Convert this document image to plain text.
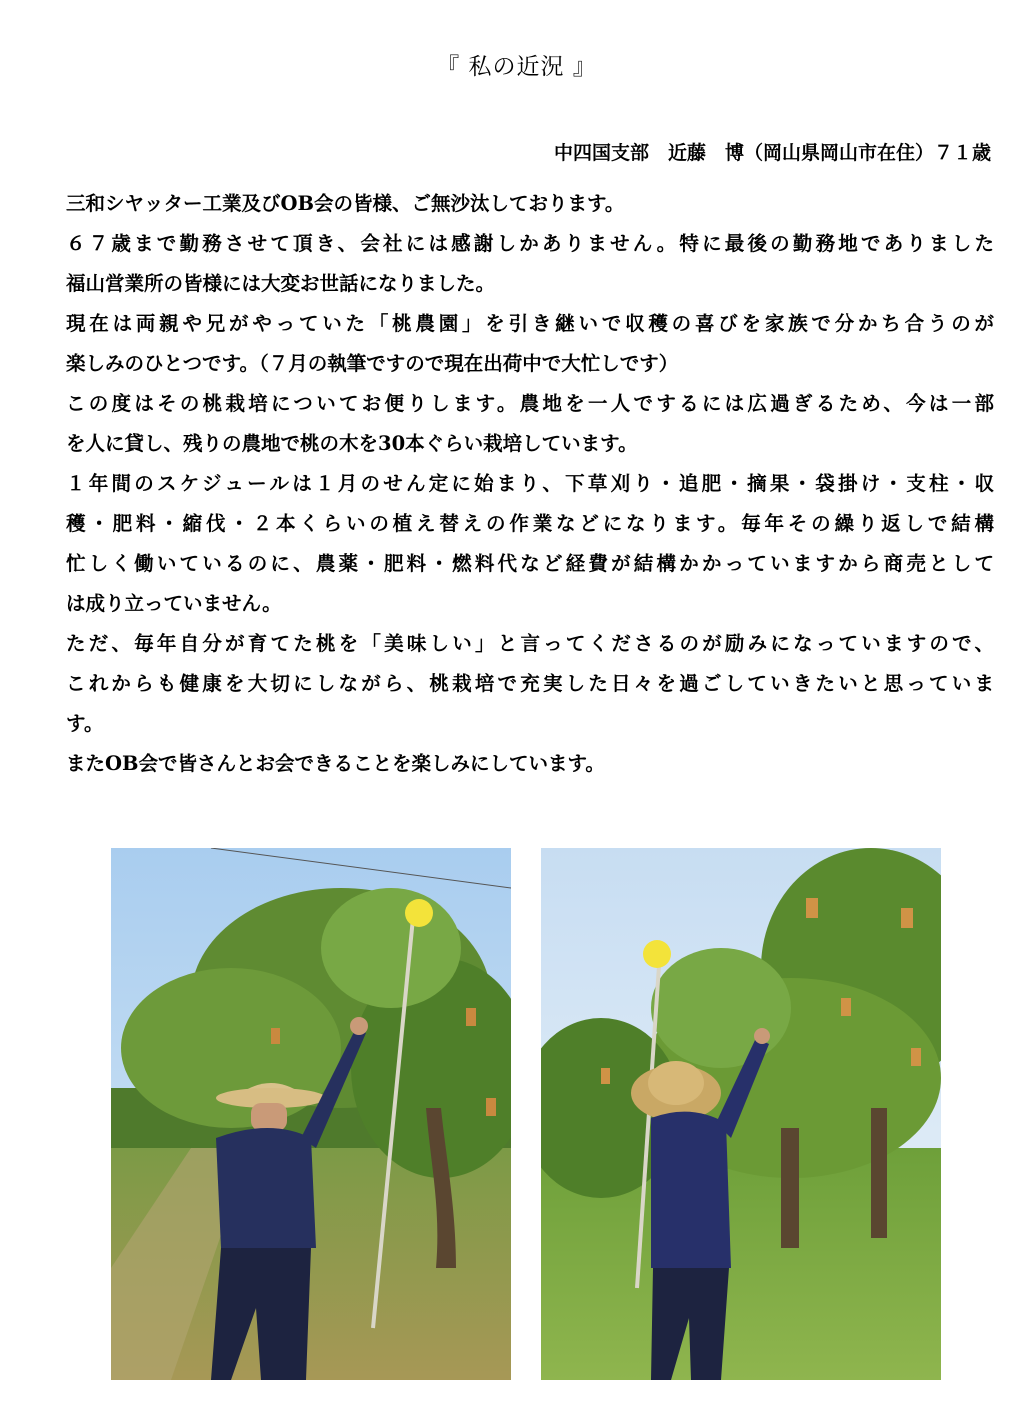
『 私の近況 』
中四国支部　近藤　博（岡山県岡山市在住）７１歳
三和シヤッター工業及びOB会の皆様、ご無沙汰しております。
６７歳まで勤務させて頂き、会社には感謝しかありません。特に最後の勤務地でありました
福山営業所の皆様には大変お世話になりました。
現在は両親や兄がやっていた「桃農園」を引き継いで収穫の喜びを家族で分かち合うのが
楽しみのひとつです。（７月の執筆ですので現在出荷中で大忙しです）
この度はその桃栽培についてお便りします。農地を一人でするには広過ぎるため、今は一部
を人に貸し、残りの農地で桃の木を30本ぐらい栽培しています。
１年間のスケジュールは１月のせん定に始まり、下草刈り・追肥・摘果・袋掛け・支柱・収
穫・肥料・縮伐・２本くらいの植え替えの作業などになります。毎年その繰り返しで結構
忙しく働いているのに、農薬・肥料・燃料代など経費が結構かかっていますから商売として
は成り立っていません。
ただ、毎年自分が育てた桃を「美味しい」と言ってくださるのが励みになっていますので、
これからも健康を大切にしながら、桃栽培で充実した日々を過ごしていきたいと思っていま
す。
またOB会で皆さんとお会できることを楽しみにしています。
